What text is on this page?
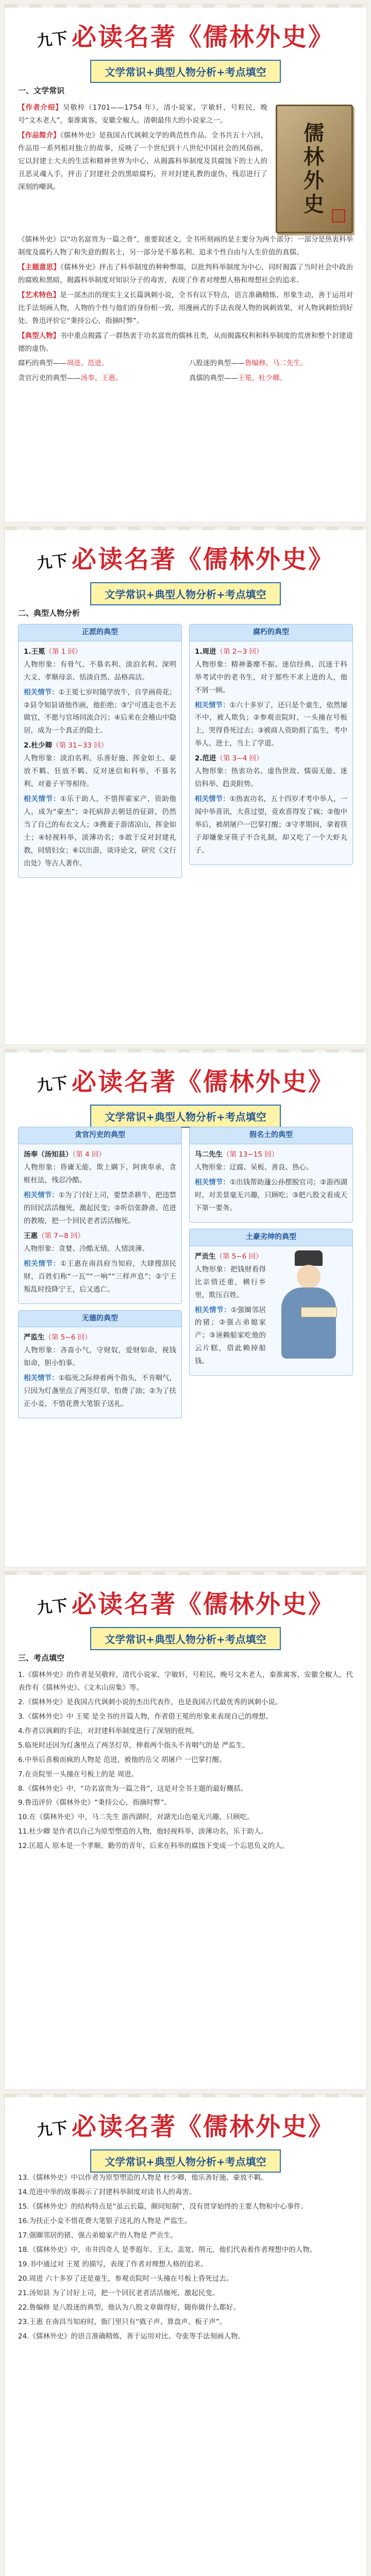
九下 必读名著《儒林外史》
文学常识+典型人物分析+考点填空
一、文学常识

【作者介绍】吴敬梓（1701——1754 年），清小说家，字敏轩，号粒民，晚号“文木老人”，秦淮寓客，安徽全椒人。清朝最伟大的小说家之一。

【作品简介】《儒林外史》是我国古代讽刺文学的典范性作品。全书共五十六回，作品用一系列相对独立的故事，反映了一个世纪到十八世纪中国社会的风俗画，它以封建士大夫的生活和精神世界为中心，从揭露科举制度及其腐蚀下的士人的丑恶灵魂入手，抨击了封建社会的黑暗腐朽，并对封建礼教的虚伪、残忍进行了深刻的嘲讽。

儒林外史

《儒林外史》以“功名富贵为一篇之骨”，重要叙述文，全书所刻画的是主要分为两个部分：一部分是热衷科举制度及腐朽人物了和失意的假名士，另一部分是不慕名利、追求个性自由与人生价值的真儒。

【主题意思】《儒林外史》抨击了科举制度的种种弊端，以批判科举制度为中心，同时揭露了当时社会中政治的腐败和黑暗，揭露科举制度对知识分子的毒害，表现了作者对理想人格和理想社会的追求。

【艺术特色】是一部杰出的现实主义长篇讽刺小说，全书有以下特点，语言准确精炼、形象生动，善于运用对比手法刻画人物，人物的个性与他们的身份相一致，用漫画式的手法表现人物的讽刺效果，对人物讽刺恰到好处。鲁迅评价它“秉持公心，指摘时弊”。

【典型人物】书中重点揭露了一群热衷于功名富贵的儒林丑类，从而揭露权利和科举制度的荒唐和整个封建道德的虚伪。

腐朽的典型——周进、范进。

贪官污吏的典型——汤奉、王惠。

八股迷的典型——鲁编修、马二先生。

真儒的典型——王冕、杜少卿。

九下 必读名著《儒林外史》
文学常识+典型人物分析+考点填空
二、典型人物分析
正派的典型
1.王冕（第 1 回）

人物形象：有骨气、不慕名利、淡泊名利、深明大义、孝顺母亲、恬淡自然、品格高洁。

相关情节：①王冕七岁时随学放牛，自学画荷花；②县令知县请他作画，他拒绝；③宁可逃走也不去做官，不愿与官场同流合污；④后来在会稽山中隐居，成为一个真正的隐士。

2.杜少卿（第 31~33 回）

人物形象：淡泊名利、乐善好施、挥金如土、豪放不羁、狂放不羁、反对迷信和科举，不慕名利、对妻子平等相待。

相关情节：①乐于助人，不惜挥霍家产，资助他人，成为“豪杰”；②托病辞去朝廷的征辟，仍然当了自己的布衣文人；③携妻子游清凉山，挥金如土；④轻视科举，淡薄功名；⑤敢于反对封建礼教，同情妇女；⑥以出游，谈诗论文，研究《文行出处》等古人著作。

腐朽的典型
1.周进（第 2~3 回）

人物形象：精神萎靡不振、迷信经典、沉迷于科举考试中的老书生，对于那些不求上进的人，他不屑一顾。

相关情节：①六十多岁了，还只是个童生，依然屡不中，被人欺负；②参观贡院时，一头撞在号板上，哭得昏死过去；③被商人资助捐了监生，考中举人、进士，当上了学道。

2.范进（第 3~4 回）

人物形象：热衷功名、虚伪世故、懦弱无能、迷信科举、趋炎附势。

相关情节：①热衷功名，五十四岁才考中举人，一闻中举喜讯，大喜过望，竟欢喜得发了疯；②他中举后，被胡屠户一巴掌打醒；③守孝期间，拿着筷子却嫌象牙筷子不合礼制，却又吃了一个大虾丸子。

九下 必读名著《儒林外史》
文学常识+典型人物分析+考点填空
贪官污吏的典型
汤奉（汤知县）（第 4 回）

人物形象：昏庸无能、欺上瞒下、阿谀奉承，贪赃枉法，残忍冷酷。

相关情节：①为了讨好上司，要禁杀耕牛，把违禁的回民活活枷死，激起民变；②听信张静斋、范进的教唆，把一个回民老者活活枷死。

王惠（第 7~8 回）

人物形象：贪婪、冷酷无情、人情淡薄。

相关情节：①王惠在南昌府当知府，大肆搜刮民财，百姓们称“一瓦”“一响”“三样声息”；②宁王叛乱时投降宁王，后又逃亡。

无德的典型
严监生（第 5~6 回）

人物形象：吝啬小气，守财奴，爱财如命，视钱如命，胆小怕事。

相关情节：①临死之际伸着两个指头，不肯咽气，只因为灯盏里点了两茎灯草，怕费了油；②为了扶正小妾，不惜花费大笔银子送礼。

假名士的典型
马二先生（第 13~15 回）

人物形象：迂腐、呆板、善良、热心。

相关情节：①出钱帮助蘧公孙摆脱官司；②游西湖时，对美景毫无兴趣，只顾吃；③把八股文看成天下第一要务。

土豪劣绅的典型
严贡生（第 5~6 回）

人物形象：把钱财看得比亲情还重，横行乡里，欺压百姓。

相关情节：①强圈邻居的猪；②强占弟媳家产；③诬赖船家吃他的云片糕，借此赖掉船钱。

九下 必读名著《儒林外史》
文学常识+典型人物分析+考点填空
三、考点填空
1.《儒林外史》的作者是吴敬梓，清代小说家，字敏轩，号粒民，晚号文木老人，秦淮寓客，安徽全椒人，代表作有《儒林外史》、《文木山房集》等。
2.《儒林外史》是我国古代讽刺小说的杰出代表作，也是我国古代最优秀的讽刺小说。
3.《儒林外史》中 王冕 是全书的开篇人物，作者借王冕的形象来表现自己的理想。
4.作者以讽刺的手法，对封建科举制度进行了深刻的批判。
5.临死时还因为灯盏里点了两茎灯草，伸着两个指头不肯咽气的是 严监生。
6.中举后喜极而疯的人物是 范进，被他的岳父 胡屠户 一巴掌打醒。
7.在贡院里一头撞在号板上的是 周进。
8.《儒林外史》中，“功名富贵为一篇之骨”，这是对全书主题的最好概括。
9.鲁迅评价《儒林外史》“秉持公心，指摘时弊”。
10.在《儒林外史》中，马二先生 游西湖时，对湖光山色毫无兴趣，只顾吃。
11.杜少卿 是作者以自己为原型塑造的人物，他轻视科举，淡薄功名，乐于助人。
12.匡超人 原本是一个孝顺、勤劳的青年，后来在科举的腐蚀下变成一个忘恩负义的人。
九下 必读名著《儒林外史》
文学常识+典型人物分析+考点填空
13.《儒林外史》中以作者为原型塑造的人物是 杜少卿，他乐善好施、豪放不羁。
14.范进中举的故事揭示了封建科举制度对读书人的毒害。
15.《儒林外史》的结构特点是“虽云长篇，颇同短制”，没有贯穿始终的主要人物和中心事件。
16.为扶正小妾不惜花费大笔银子送礼的人物是 严监生。
17.强圈邻居的猪、强占弟媳家产的人物是 严贡生。
18.《儒林外史》中，市井四奇人 是季遐年、王太、盖宽、荆元，他们代表着作者理想中的人物。
19.书中通过对 王冕 的描写，表现了作者对理想人格的追求。
20.周进 六十多岁了还是童生，参观贡院时一头撞在号板上昏死过去。
21.汤知县 为了讨好上司，把一个回民老者活活枷死，激起民变。
22.鲁编修 是八股迷的典型，他认为八股文章做得好，随你做什么都好。
23.王惠 在南昌当知府时，衙门里只有“戥子声、算盘声、板子声”。
24.《儒林外史》的语言准确精炼，善于运用对比、夸张等手法刻画人物。
